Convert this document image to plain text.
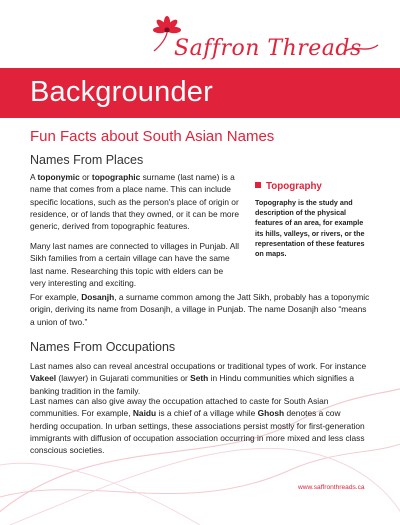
Saffron Threads
Backgrounder
Fun Facts about South Asian Names
Names From Places
A toponymic or topographic surname (last name) is a name that comes from a place name. This can include specific locations, such as the person's place of origin or residence, or of lands that they owned, or it can be more generic, derived from topographic features.
Many last names are connected to villages in Punjab. All Sikh families from a certain village can have the same last name. Researching this topic with elders can be very interesting and exciting.
For example, Dosanjh, a surname common among the Jatt Sikh, probably has a toponymic origin, deriving its name from Dosanjh, a village in Punjab. The name Dosanjh also “means a union of two.”
Topography
Topography is the study and description of the physical features of an area, for example its hills, valleys, or rivers, or the representation of these features on maps.
Names From Occupations
Last names also can reveal ancestral occupations or traditional types of work. For instance Vakeel (lawyer) in Gujarati communities or Seth in Hindu communities which signifies a banking tradition in the family.
Last names can also give away the occupation attached to caste for South Asian communities. For example, Naidu is a chief of a village while Ghosh denotes a cow herding occupation. In urban settings, these associations persist mostly for first-generation immigrants with diffusion of occupation association occurring in more mixed and less class conscious societies.
www.saffronthreads.ca
